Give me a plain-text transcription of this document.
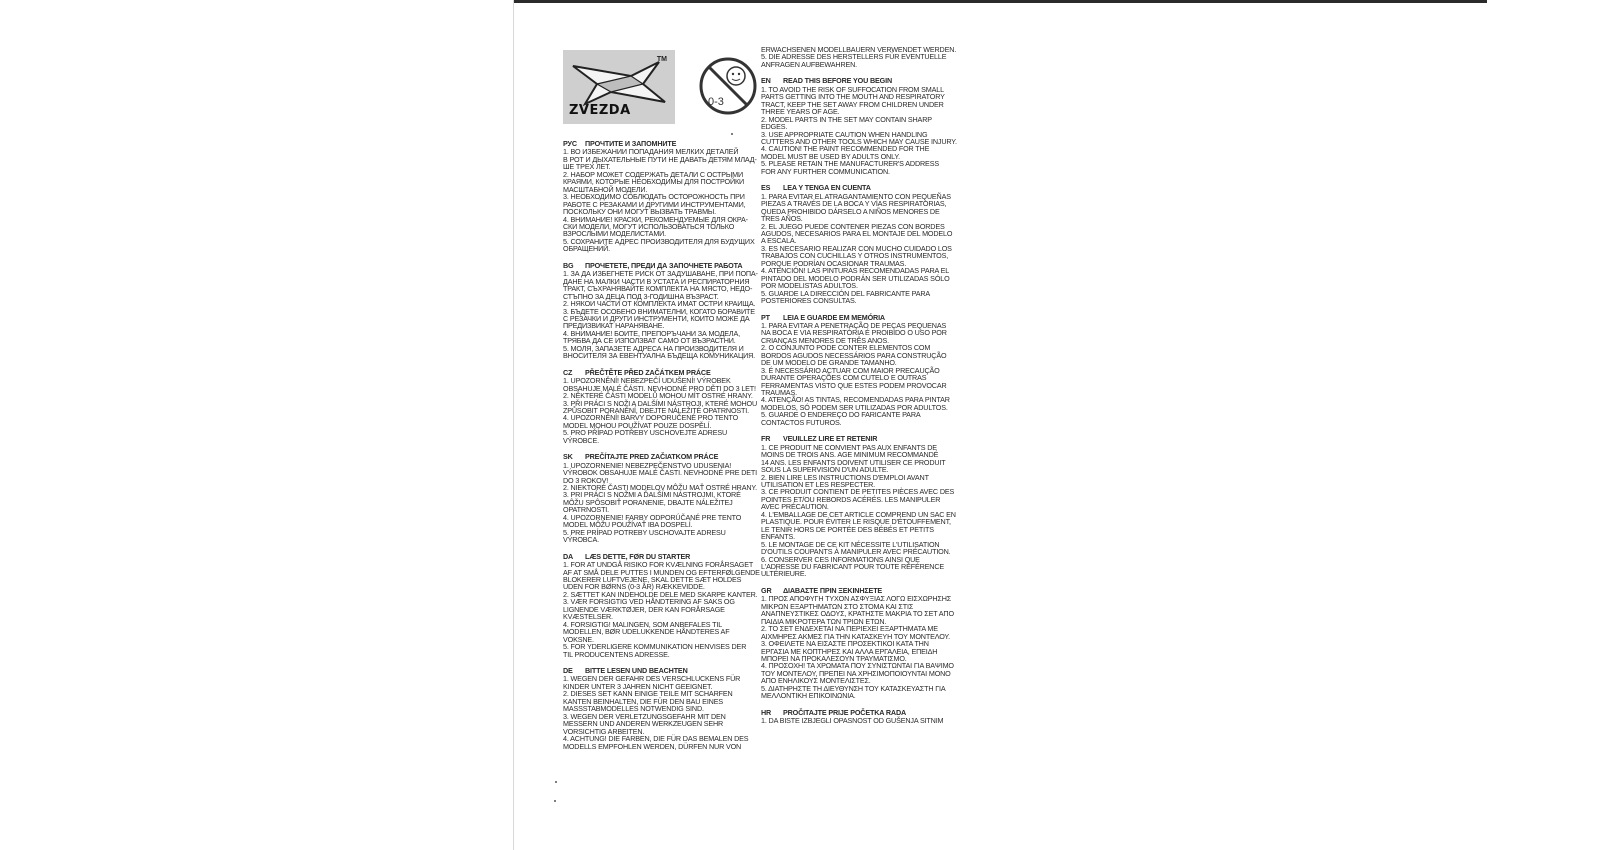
TM
ZVEZDA
0-3
РУС ПРОЧТИТЕ И ЗАПОМНИТЕ
1. ВО ИЗБЕЖАНИИ ПОПАДАНИЯ МЕЛКИХ ДЕТАЛЕЙ
В РОТ И ДЫХАТЕЛЬНЫЕ ПУТИ НЕ ДАВАТЬ ДЕТЯМ МЛАД-
ШЕ ТРЕХ ЛЕТ.
2. НАБОР МОЖЕТ СОДЕРЖАТЬ ДЕТАЛИ С ОСТРЫМИ
КРАЯМИ, КОТОРЫЕ НЕОБХОДИМЫ ДЛЯ ПОСТРОЙКИ
МАСШТАБНОЙ МОДЕЛИ.
3. НЕОБХОДИМО СОБЛЮДАТЬ ОСТОРОЖНОСТЬ ПРИ
РАБОТЕ С РЕЗАКАМИ И ДРУГИМИ ИНСТРУМЕНТАМИ,
ПОСКОЛЬКУ ОНИ МОГУТ ВЫЗВАТЬ ТРАВМЫ.
4. ВНИМАНИЕ! КРАСКИ, РЕКОМЕНДУЕМЫЕ ДЛЯ ОКРА-
СКИ МОДЕЛИ, МОГУТ ИСПОЛЬЗОВАТЬСЯ ТОЛЬКО
ВЗРОСЛЫМИ МОДЕЛИСТАМИ.
5. СОХРАНИТЕ АДРЕС ПРОИЗВОДИТЕЛЯ ДЛЯ БУДУЩИХ
ОБРАЩЕНИЙ.
BG ПРОЧЕТЕТЕ, ПРЕДИ ДА ЗАПОЧНЕТЕ РАБОТА
1. ЗА ДА ИЗБЕГНЕТЕ РИСК ОТ ЗАДУШАВАНЕ, ПРИ ПОПА-
ДАНЕ НА МАЛКИ ЧАСТИ В УСТАТА И РЕСПИРАТОРНИЯ
ТРАКТ, СЪХРАНЯВАЙТЕ КОМПЛЕКТА НА МЯСТО, НЕДО-
СТЪПНО ЗА ДЕЦА ПОД 3-ГОДИШНА ВЪЗРАСТ.
2. НЯКОИ ЧАСТИ ОТ КОМПЛЕКТА ИМАТ ОСТРИ КРАИЩА.
3. БЪДЕТЕ ОСОБЕНО ВНИМАТЕЛНИ, КОГАТО БОРАВИТЕ
С РЕЗАЧКИ И ДРУГИ ИНСТРУМЕНТИ, КОИТО МОЖЕ ДА
ПРЕДИЗВИКАТ НАРАНЯВАНЕ.
4. ВНИМАНИЕ! БОИТЕ, ПРЕПОРЪЧАНИ ЗА МОДЕЛА,
ТРЯБВА ДА СЕ ИЗПОЛЗВАТ САМО ОТ ВЪЗРАСТНИ.
5. МОЛЯ, ЗАПАЗЕТЕ АДРЕСА НА ПРОИЗВОДИТЕЛЯ И
ВНОСИТЕЛЯ ЗА ЕВЕНТУАЛНА БЪДЕЩА КОМУНИКАЦИЯ.
CZ PŘEČTĚTE PŘED ZAČÁTKEM PRÁCE
1. UPOZORNĚNÍ! NEBEZPEČÍ UDUŠENÍ! VÝROBEK
OBSAHUJE MALÉ ČÁSTI. NEVHODNÉ PRO DĚTI DO 3 LET!
2. NĚKTERÉ ČÁSTI MODELŮ MOHOU MÍT OSTRÉ HRANY.
3. PŘI PRÁCI S NOŽI A DALŠÍMI NÁSTROJI, KTERÉ MOHOU
ZPŮSOBIT PORANĚNÍ, DBEJTE NÁLEŽITÉ OPATRNOSTI.
4. UPOZORNĚNÍ! BARVY DOPORUČENÉ PRO TENTO
MODEL MOHOU POUŽÍVAT POUZE DOSPĚLÍ.
5. PRO PŘÍPAD POTŘEBY USCHOVEJTE ADRESU
VÝROBCE.
SK PREČÍTAJTE PRED ZAČIATKOM PRÁCE
1. UPOZORNENIE! NEBEZPEČENSTVO UDUSENIA!
VÝROBOK OBSAHUJE MALÉ ČASTI. NEVHODNÉ PRE DETI
DO 3 ROKOV!
2. NIEKTORÉ ČASTI MODELOV MÔŽU MAŤ OSTRÉ HRANY.
3. PRI PRÁCI S NOŽMI A ĎALŠÍMI NÁSTROJMI, KTORÉ
MÔŽU SPÔSOBIŤ PORANENIE, DBAJTE NÁLEŽITEJ
OPATRNOSTI.
4. UPOZORNENIE! FARBY ODPORÚČANÉ PRE TENTO
MODEL MÔŽU POUŽÍVAŤ IBA DOSPELÍ.
5. PRE PRÍPAD POTREBY USCHOVAJTE ADRESU
VÝROBCA.
DA LÆS DETTE, FØR DU STARTER
1. FOR AT UNDGÅ RISIKO FOR KVÆLNING FORÅRSAGET
AF AT SMÅ DELE PUTTES I MUNDEN OG EFTERFØLGENDE
BLOKERER LUFTVEJENE, SKAL DETTE SÆT HOLDES
UDEN FOR BØRNS (0-3 ÅR) RÆKKEVIDDE.
2. SÆTTET KAN INDEHOLDE DELE MED SKARPE KANTER.
3. VÆR FORSIGTIG VED HÅNDTERING AF SAKS OG
LIGNENDE VÆRKTØJER, DER KAN FORÅRSAGE
KVÆSTELSER.
4. FORSIGTIG! MALINGEN, SOM ANBEFALES TIL
MODELLEN, BØR UDELUKKENDE HÅNDTERES AF
VOKSNE.
5. FOR YDERLIGERE KOMMUNIKATION HENVISES DER
TIL PRODUCENTENS ADRESSE.
DE BITTE LESEN UND BEACHTEN
1. WEGEN DER GEFAHR DES VERSCHLUCKENS FÜR
KINDER UNTER 3 JAHREN NICHT GEEIGNET.
2. DIESES SET KANN EINIGE TEILE MIT SCHARFEN
KANTEN BEINHALTEN, DIE FÜR DEN BAU EINES
MASSSTABMODELLES NOTWENDIG SIND.
3. WEGEN DER VERLETZUNGSGEFAHR MIT DEN
MESSERN UND ANDEREN WERKZEUGEN SEHR
VORSICHTIG ARBEITEN.
4. ACHTUNG! DIE FARBEN, DIE FÜR DAS BEMALEN DES
MODELLS EMPFOHLEN WERDEN, DÜRFEN NUR VON
ERWACHSENEN MODELLBAUERN VERWENDET WERDEN.
5. DIE ADRESSE DES HERSTELLERS FÜR EVENTUELLE
ANFRAGEN AUFBEWAHREN.
EN READ THIS BEFORE YOU BEGIN
1. TO AVOID THE RISK OF SUFFOCATION FROM SMALL
PARTS GETTING INTO THE MOUTH AND RESPIRATORY
TRACT, KEEP THE SET AWAY FROM CHILDREN UNDER
THREE YEARS OF AGE.
2. MODEL PARTS IN THE SET MAY CONTAIN SHARP
EDGES.
3. USE APPROPRIATE CAUTION WHEN HANDLING
CUTTERS AND OTHER TOOLS WHICH MAY CAUSE INJURY.
4. CAUTION! THE PAINT RECOMMENDED FOR THE
MODEL MUST BE USED BY ADULTS ONLY.
5. PLEASE RETAIN THE MANUFACTURER'S ADDRESS
FOR ANY FURTHER COMMUNICATION.
ES LEA Y TENGA EN CUENTA
1. PARA EVITAR EL ATRAGANTAMIENTO CON PEQUEÑAS
PIEZAS A TRAVÉS DE LA BOCA Y VÍAS RESPIRATORIAS,
QUEDA PROHIBIDO DÁRSELO A NIÑOS MENORES DE
TRES AÑOS.
2. EL JUEGO PUEDE CONTENER PIEZAS CON BORDES
AGUDOS, NECESARIOS PARA EL MONTAJE DEL MODELO
A ESCALA.
3. ES NECESARIO REALIZAR CON MUCHO CUIDADO LOS
TRABAJOS CON CUCHILLAS Y OTROS INSTRUMENTOS,
PORQUE PODRÍAN OCASIONAR TRAUMAS.
4. ATENCIÓN! LAS PINTURAS RECOMENDADAS PARA EL
PINTADO DEL MODELO PODRÁN SER UTILIZADAS SÓLO
POR MODELISTAS ADULTOS.
5. GUARDE LA DIRECCIÓN DEL FABRICANTE PARA
POSTERIORES CONSULTAS.
PT LEIA E GUARDE EM MEMÓRIA
1. PARA EVITAR A PENETRAÇÃO DE PEÇAS PEQUENAS
NA BOCA E VIA RESPIRATÓRIA É PROIBIDO O USO POR
CRIANÇAS MENORES DE TRÊS ANOS.
2. O CONJUNTO PODE CONTER ELEMENTOS COM
BORDOS AGUDOS NECESSÁRIOS PARA CONSTRUÇÃO
DE UM MODELO DE GRANDE TAMANHO.
3. É NECESSÁRIO ACTUAR COM MAIOR PRECAUÇÃO
DURANTE OPERAÇÕES COM CUTELO E OUTRAS
FERRAMENTAS VISTO QUE ESTES PODEM PROVOCAR
TRAUMAS.
4. ATENÇÃO! AS TINTAS, RECOMENDADAS PARA PINTAR
MODELOS, SÓ PODEM SER UTILIZADAS POR ADULTOS.
5. GUARDE O ENDEREÇO DO FARICANTE PARA
CONTACTOS FUTUROS.
FR VEUILLEZ LIRE ET RETENIR
1. CE PRODUIT NE CONVIENT PAS AUX ENFANTS DE
MOINS DE TROIS ANS. AGE MINIMUM RECOMMANDÉ
14 ANS. LES ENFANTS DOIVENT UTILISER CE PRODUIT
SOUS LA SUPERVISION D'UN ADULTE.
2. BIEN LIRE LES INSTRUCTIONS D'EMPLOI AVANT
UTILISATION ET LES RESPECTER.
3. CE PRODUIT CONTIENT DE PETITES PIÈCES AVEC DES
POINTES ET/OU REBORDS ACÉRÉS. LES MANIPULER
AVEC PRÉCAUTION.
4. L'EMBALLAGE DE CET ARTICLE COMPREND UN SAC EN
PLASTIQUE. POUR ÉVITER LE RISQUE D'ÉTOUFFEMENT,
LE TENIR HORS DE PORTÉE DES BÉBÉS ET PETITS
ENFANTS.
5. LE MONTAGE DE CE KIT NÉCESSITE L'UTILISATION
D'OUTILS COUPANTS À MANIPULER AVEC PRÉCAUTION.
6. CONSERVER CES INFORMATIONS AINSI QUE
L'ADRESSE DU FABRICANT POUR TOUTE RÉFÉRENCE
ULTÉRIEURE.
GR ΔΙΑΒΑΣΤΕ ΠΡΙΝ ΞΕΚΙΝΗΣΕΤΕ
1. ΠΡΟΣ ΑΠΟΦΥΓΗ ΤΥΧΟΝ ΑΣΦΥΞΙΑΣ ΛΟΓΩ ΕΙΣΧΩΡΗΣΗΣ
ΜΙΚΡΩΝ ΕΞΑΡΤΗΜΑΤΩΝ ΣΤΟ ΣΤΟΜΑ ΚΑΙ ΣΤΙΣ
ΑΝΑΠΝΕΥΣΤΙΚΕΣ ΟΔΟΥΣ, ΚΡΑΤΗΣΤΕ ΜΑΚΡΙΑ ΤΟ ΣΕΤ ΑΠΟ
ΠΑΙΔΙΑ ΜΙΚΡΟΤΕΡΑ ΤΩΝ ΤΡΙΩΝ ΕΤΩΝ.
2. ΤΟ ΣΕΤ ΕΝΔΕΧΕΤΑΙ ΝΑ ΠΕΡΙΕΧΕΙ ΕΞΑΡΤΗΜΑΤΑ ΜΕ
ΑΙΧΜΗΡΕΣ ΑΚΜΕΣ ΓΙΑ ΤΗΝ ΚΑΤΑΣΚΕΥΗ ΤΟΥ ΜΟΝΤΕΛΟΥ.
3. ΟΦΕΙΛΕΤΕ ΝΑ ΕΙΣΑΣΤΕ ΠΡΟΣΕΚΤΙΚΟΙ ΚΑΤΑ ΤΗΝ
ΕΡΓΑΣΙΑ ΜΕ ΚΟΠΤΗΡΕΣ ΚΑΙ ΑΛΛΑ ΕΡΓΑΛΕΙΑ, ΕΠΕΙΔΗ
ΜΠΟΡΕΙ ΝΑ ΠΡΟΚΑΛΕΣΟΥΝ ΤΡΑΥΜΑΤΙΣΜΟ.
4. ΠΡΟΣΟΧΗ! ΤΑ ΧΡΩΜΑΤΑ ΠΟΥ ΣΥΝΙΣΤΩΝΤΑΙ ΓΙΑ ΒΑΨΙΜΟ
ΤΟΥ ΜΟΝΤΕΛΟΥ, ΠΡΕΠΕΙ ΝΑ ΧΡΗΣΙΜΟΠΟΙΟΥΝΤΑΙ ΜΟΝΟ
ΑΠΟ ΕΝΗΛΙΚΟΥΣ ΜΟΝΤΕΛΙΣΤΕΣ.
5. ΔΙΑΤΗΡΗΣΤΕ ΤΗ ΔΙΕΥΘΥΝΣΗ ΤΟΥ ΚΑΤΑΣΚΕΥΑΣΤΗ ΓΙΑ
ΜΕΛΛΟΝΤΙΚΗ ΕΠΙΚΟΙΝΩΝΙΑ.
HR PROČITAJTE PRIJE POČETKA RADA
1. DA BISTE IZBJEGLI OPASNOST OD GUŠENJA SITNIM
